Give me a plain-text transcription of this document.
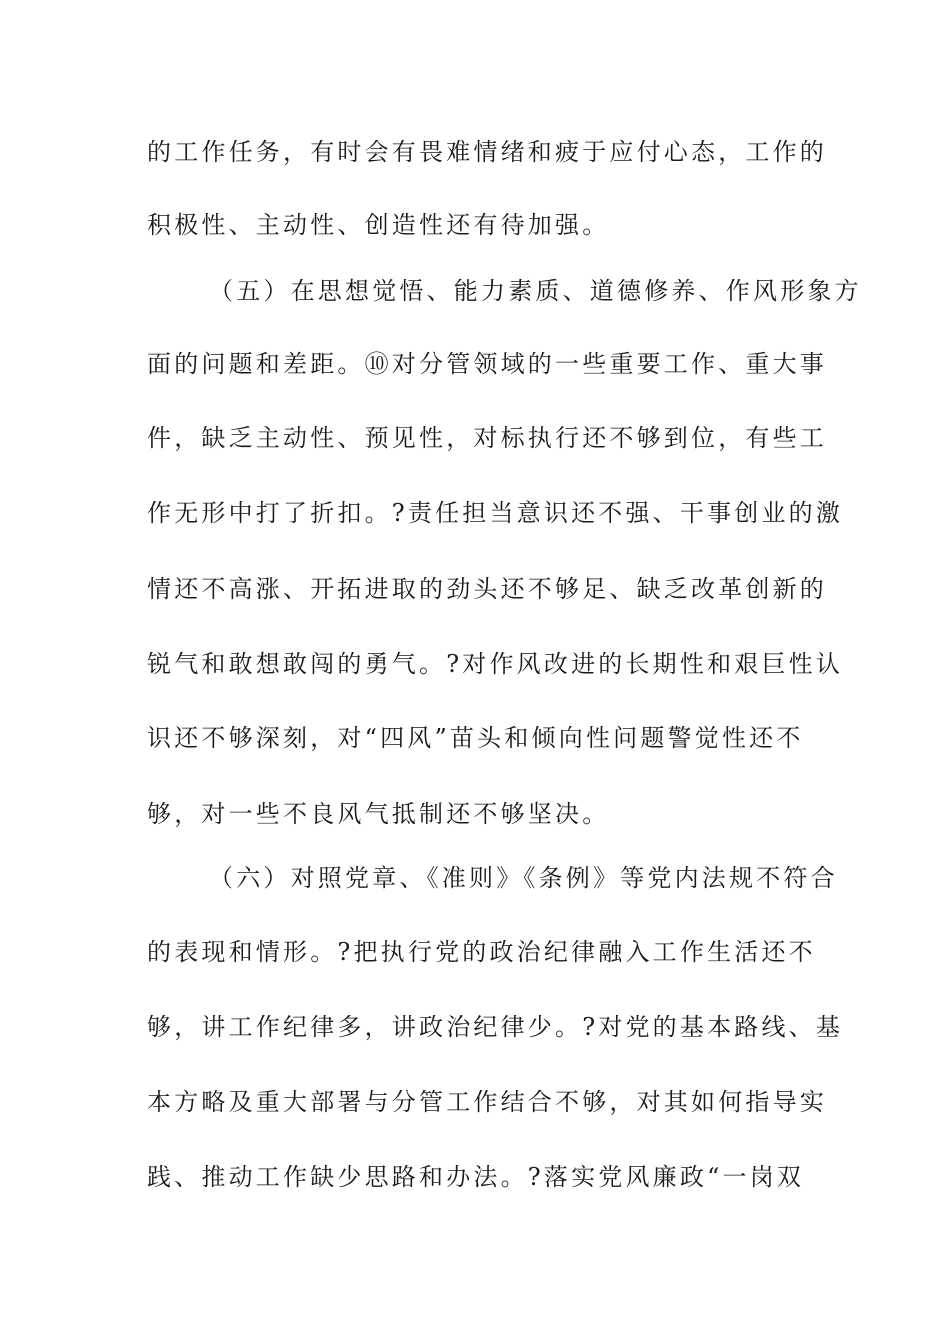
的工作任务，有时会有畏难情绪和疲于应付心态，工作的
积极性、主动性、创造性还有待加强。
（五）在思想觉悟、能力素质、道德修养、作风形象方
面的问题和差距。⑩对分管领域的一些重要工作、重大事
件，缺乏主动性、预见性，对标执行还不够到位，有些工
作无形中打了折扣。?责任担当意识还不强、干事创业的激
情还不高涨、开拓进取的劲头还不够足、缺乏改革创新的
锐气和敢想敢闯的勇气。?对作风改进的长期性和艰巨性认
识还不够深刻，对“四风”苗头和倾向性问题警觉性还不
够，对一些不良风气抵制还不够坚决。
（六）对照党章、《准则》《条例》等党内法规不符合
的表现和情形。?把执行党的政治纪律融入工作生活还不
够，讲工作纪律多，讲政治纪律少。?对党的基本路线、基
本方略及重大部署与分管工作结合不够，对其如何指导实
践、推动工作缺少思路和办法。?落实党风廉政“一岗双
